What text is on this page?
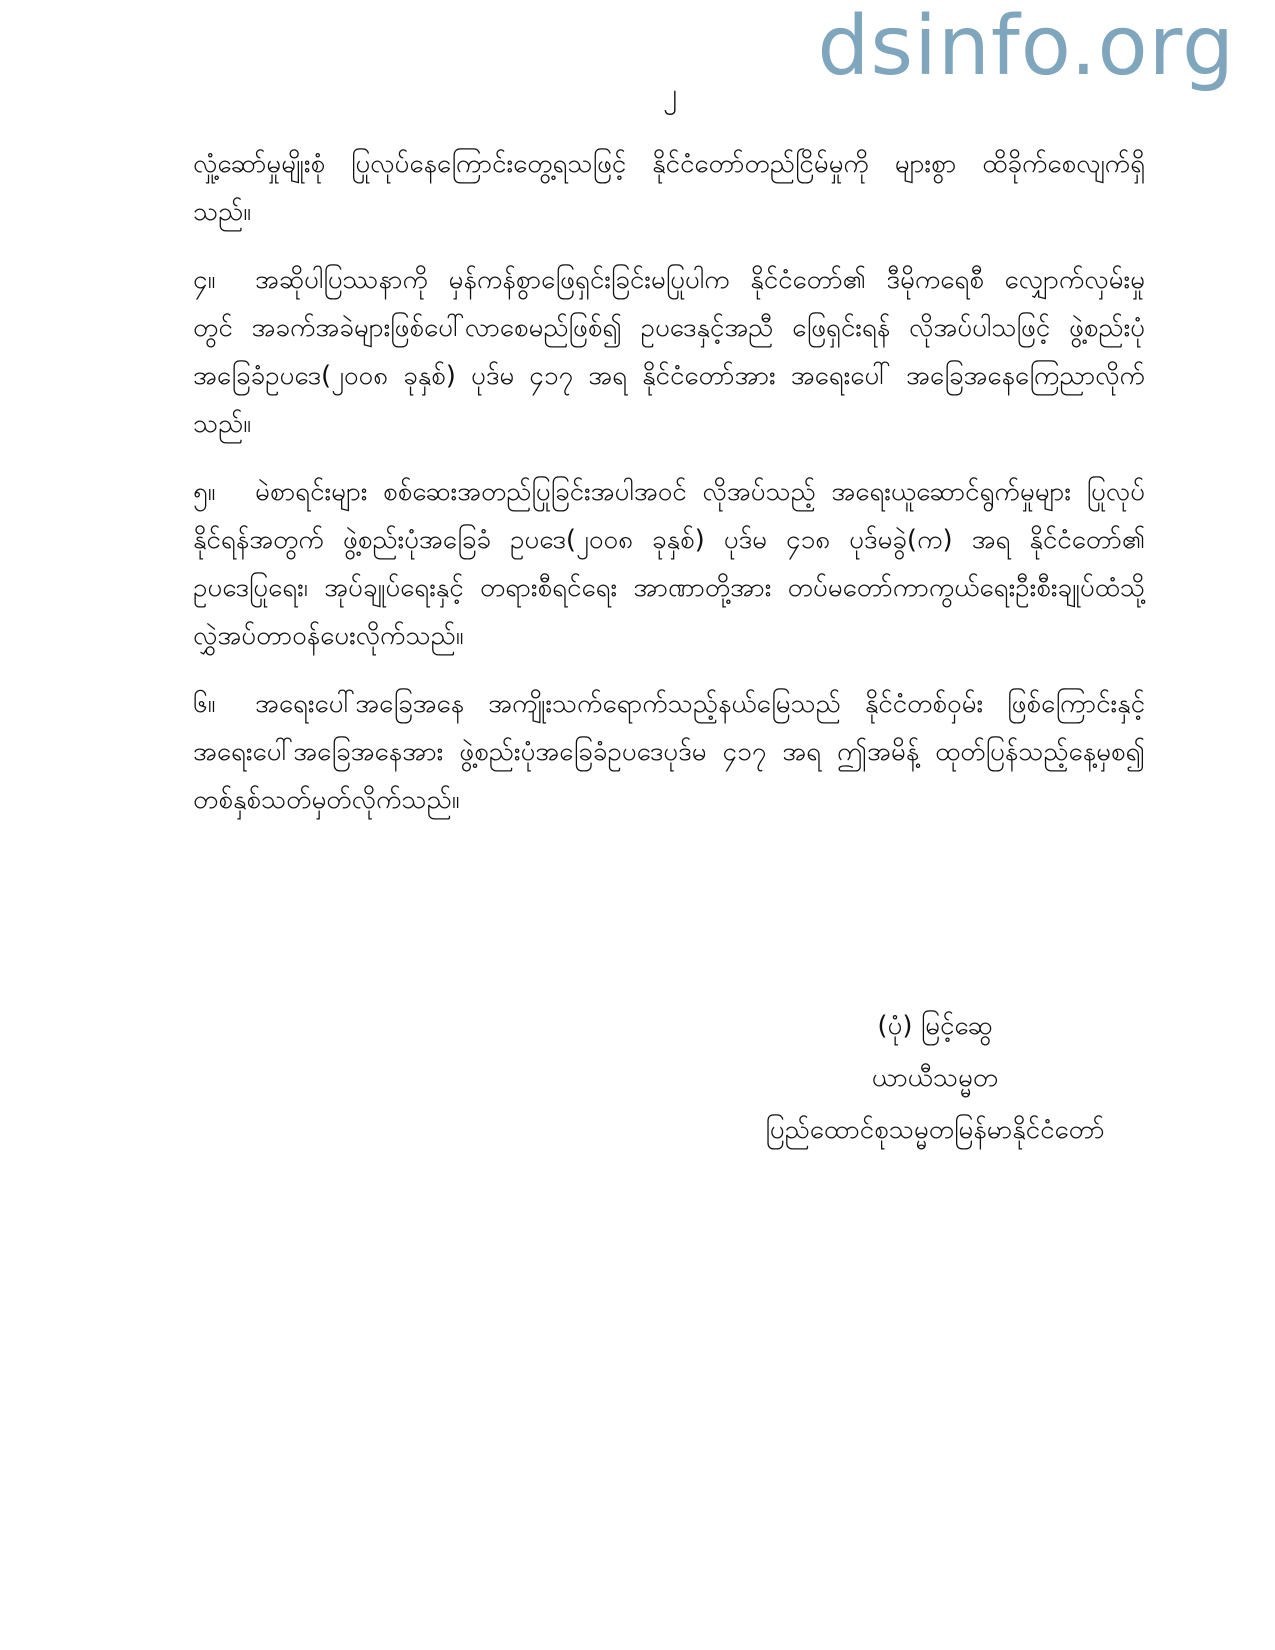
dsinfo.org
၂

လှုံ့ဆော်မှုမျိုးစုံ ပြုလုပ်နေကြောင်းတွေ့ရသဖြင့် နိုင်ငံတော်တည်ငြိမ်မှုကို များစွာ ထိခိုက်စေလျက်ရှိသည်။

၄။ အဆိုပါပြဿနာကို မှန်ကန်စွာဖြေရှင်းခြင်းမပြုပါက နိုင်ငံတော်၏ ဒီမိုကရေစီ လျှောက်လှမ်းမှုတွင် အခက်အခဲများဖြစ်ပေါ်လာစေမည်ဖြစ်၍ ဥပဒေနှင့်အညီ ဖြေရှင်းရန် လိုအပ်ပါသဖြင့် ဖွဲ့စည်းပုံအခြေခံဥပဒေ(၂၀၀၈ ခုနှစ်) ပုဒ်မ ၄၁၇ အရ နိုင်ငံတော်အား အရေးပေါ် အခြေအနေကြေညာလိုက်သည်။

၅။ မဲစာရင်းများ စစ်ဆေးအတည်ပြုခြင်းအပါအဝင် လိုအပ်သည့် အရေးယူဆောင်ရွက်မှုများ ပြုလုပ်နိုင်ရန်အတွက် ဖွဲ့စည်းပုံအခြေခံ ဥပဒေ(၂၀၀၈ ခုနှစ်) ပုဒ်မ ၄၁၈ ပုဒ်မခွဲ(က) အရ နိုင်ငံတော်၏ ဥပဒေပြုရေး၊ အုပ်ချုပ်ရေးနှင့် တရားစီရင်ရေး အာဏာတို့အား တပ်မတော်ကာကွယ်ရေးဦးစီးချုပ်ထံသို့ လွှဲအပ်တာဝန်ပေးလိုက်သည်။

၆။ အရေးပေါ်အခြေအနေ အကျိုးသက်ရောက်သည့်နယ်မြေသည် နိုင်ငံတစ်ဝှမ်း ဖြစ်ကြောင်းနှင့် အရေးပေါ်အခြေအနေအား ဖွဲ့စည်းပုံအခြေခံဥပဒေပုဒ်မ ၄၁၇ အရ ဤအမိန့် ထုတ်ပြန်သည့်နေ့မှစ၍ တစ်နှစ်သတ်မှတ်လိုက်သည်။

(ပုံ) မြင့်ဆွေ
ယာယီသမ္မတ
ပြည်ထောင်စုသမ္မတမြန်မာနိုင်ငံတော်
